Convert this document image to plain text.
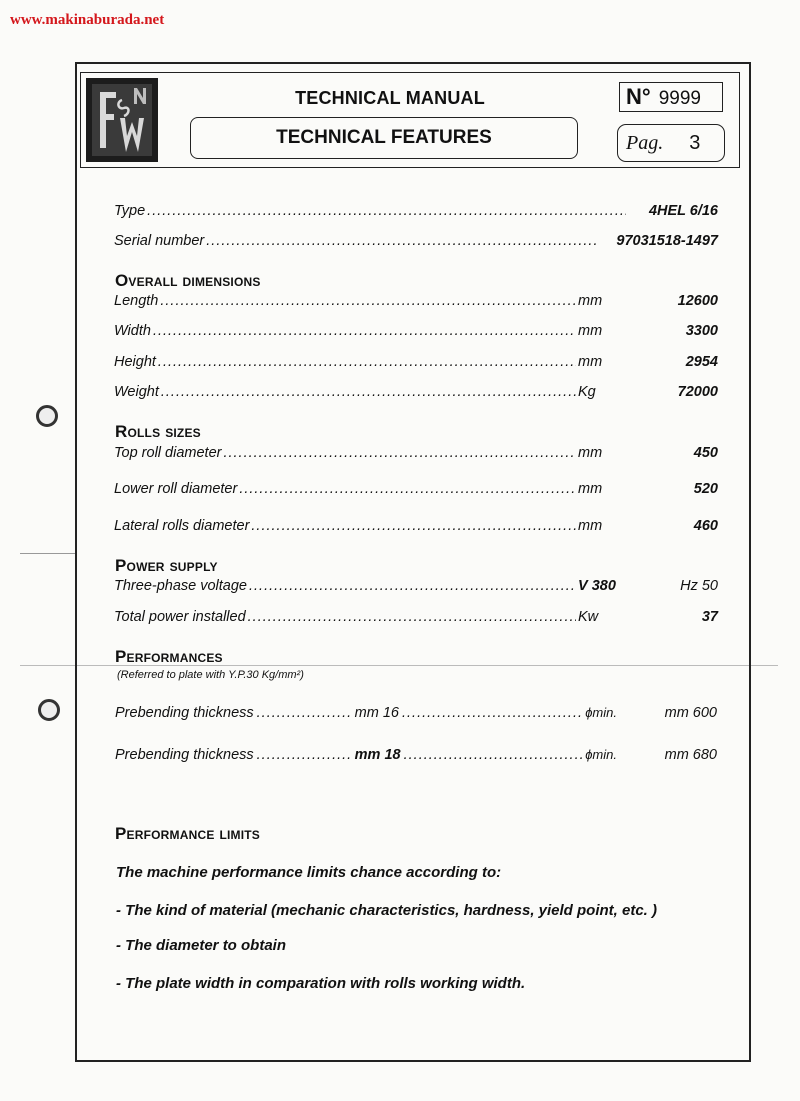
www.makinaburada.net
TECHNICAL MANUAL
TECHNICAL FEATURES
N° 9999
Pag. 3
Type .....	4HEL 6/16
Serial number .....	97031518-1497
Overall dimensions
Length .....	mm	12600
Width .....	mm	3300
Height .....	mm	2954
Weight .....	Kg	72000
Rolls sizes
Top roll diameter .....	mm	450
Lower roll diameter .....	mm	520
Lateral rolls diameter .....	mm	460
Power supply
Three-phase voltage .....	V 380	Hz 50
Total power installed .....	Kw	37
Performances
(Referred to plate with Y.P.30 Kg/mm²)
Prebending thickness .....	mm 16 .....	ϕmin.	mm 600
Prebending thickness .....	mm 18 .....	ϕmin.	mm 680
Performance limits
The machine performance limits chance according to:
- The kind of material (mechanic characteristics, hardness, yield point, etc. )
- The diameter to obtain
- The plate width in comparation with rolls working width.
